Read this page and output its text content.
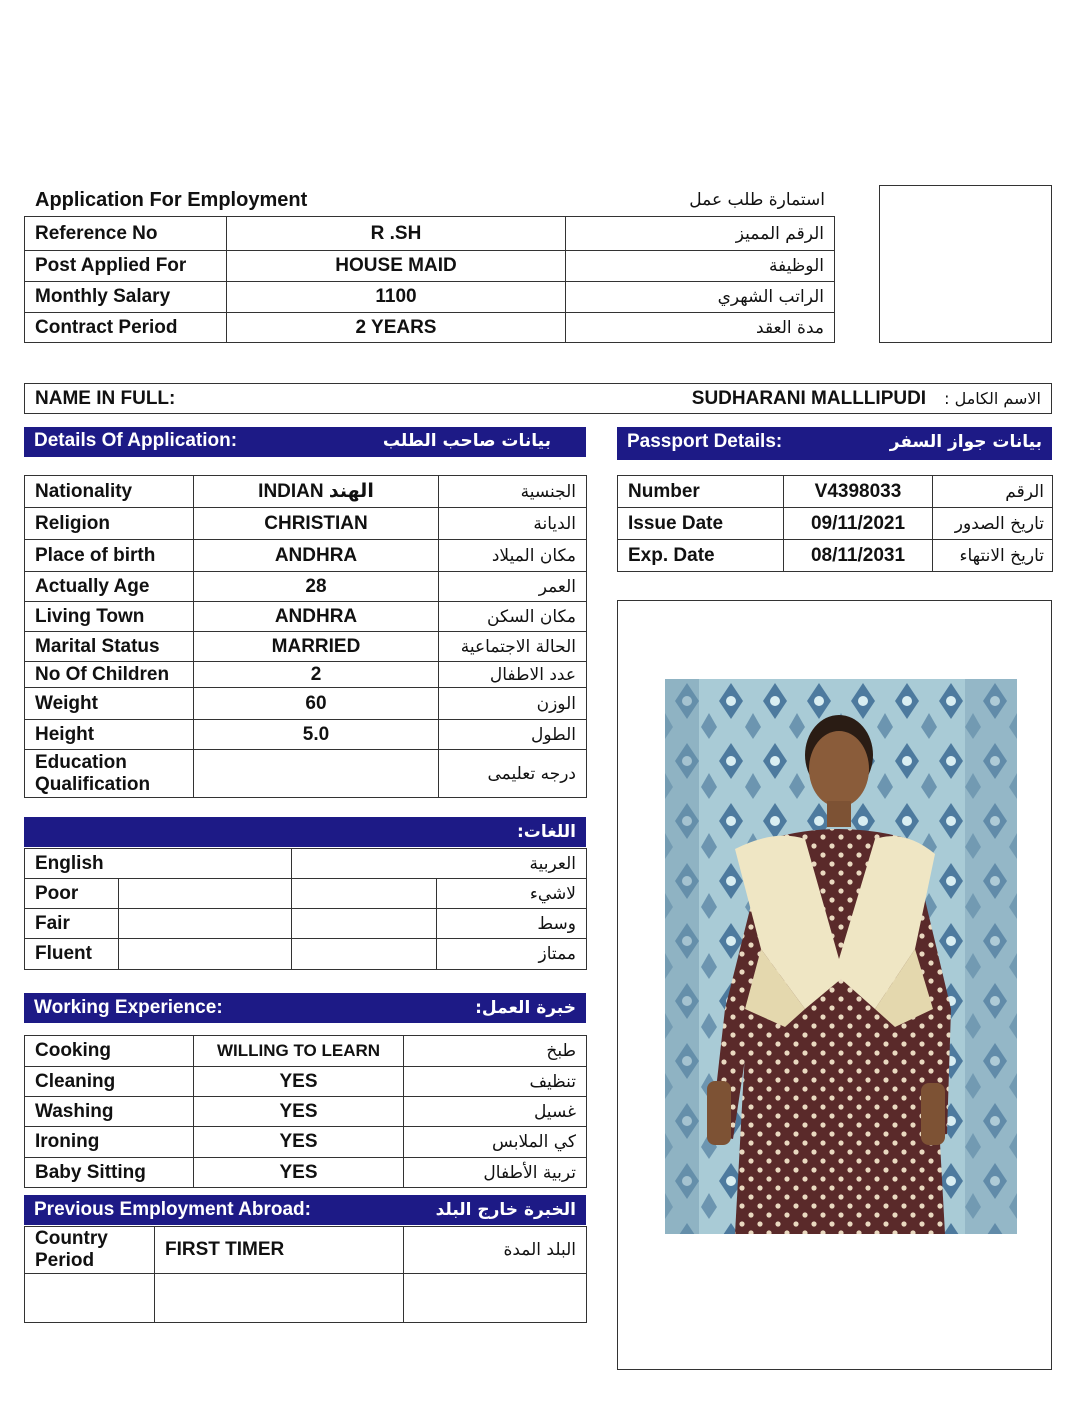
Application For Employment	استمارة طلب عمل
Reference No	R .SH	الرقم المميز
Post Applied For	HOUSE MAID	الوظيفة
Monthly Salary	1100	الراتب الشهري
Contract Period	2 YEARS	مدة العقد
NAME IN FULL:	SUDHARANI MALLLIPUDI الاسم الكامل :
Details Of Application:	بيانات صاحب الطلب	Passport Details:	بيانات جواز السفر
Nationality	INDIAN الهند	الجنسية
Religion	CHRISTIAN	الديانة
Place of birth	ANDHRA	مكان الميلاد
Actually Age	28	العمر
Living Town	ANDHRA	مكان السكن
Marital Status	MARRIED	الحالة الاجتماعية
No Of Children	2	عدد الاطفال
Weight	60	الوزن
Height	5.0	الطول

Education
Qualification		درجه تعليمى
Number	V4398033	الرقم
Issue Date	09/11/2021	تاريخ الصدور
Exp. Date	08/11/2031	تاريخ الانتهاء
اللغات:
English		العربية	
Poor			لاشيء
Fair			وسط
Fluent			ممتاز
Working Experience:	خبرة العمل:
Cooking	WILLING TO LEARN	طبخ
Cleaning	YES	تنظيف
Washing	YES	غسيل
Ironing	YES	كي الملابس
Baby Sitting	YES	تربية الأطفال
Previous Employment Abroad:	الخبرة خارج البلد
Country
Period	FIRST TIMER	البلد المدة
